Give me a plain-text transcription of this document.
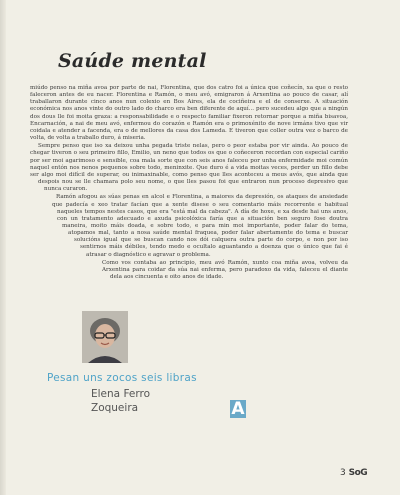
Saúde mental
A

miúdo penso na miña avoa por parte de nai, Florentina, que dos catro foi a única que coñecín, xa que o resto faleceron antes de eu nacer. Florentina e Ramón, o meu avó, emigraron á Arxentina ao pouco de casar, alí traballaron durante cinco anos nun colexio en Bos Aires, ela de cociñeira e el de conserxe. A situación económica nos anos vinte do outro lado do charco era ben diferente de aquí... pero sucedeu algo que a ningún dos dous lle foi moita graza: a responsabilidade e o respecto familiar fixeron retornar porque a miña bisavoa, Encarnación, a nai de meu avó, enfermou do corazón e Ramón era o primoxénito de nove irmáns tivo que vir coidala e atender a facenda, era o de mellores da casa dos Lameda. E tiveron que coller outra vez o barco de volta, de volta a traballo duro, á miseria.

Sempre penso que iso xa deixou unha pegada triste nelas, pero o peor estaba por vir ainda. Ao pouco de chegar tiveron o seu primeiro fillo, Emilio, un neno que todos os que o coñeceron recordan con especial cariño por ser moi agarimoso e sensible, coa mala sorte que con seis anos faleceu por unha enfermidade moi común naquel entón nos nenos pequenos sobre todo, meninxite. Que duro é a vida moitas veces, perder un fillo debe ser algo moi difícil de superar, ou inimaxinable, como penso que lles aconteceu a meus avós, que ainda que despois nou se lle chamara polo seu nome, o que lles pasou foi que entraron nun proceso depresivo que nunca curaron.

Ramón afogou as súas penas en alcol e Florentina, a maiores da depresión, os ataques de ansiedade que padecía e xeo tratar facían que a xente disese o seu comentario máis recorrente e habitual naqueles tempos nestes casos, que era "está mal da cabeza". A día de hoxe, e xa desde hai uns anos, con un tratamento adecuado e axuda psicolóxica faría que a situación ben seguro fose doutra maneira, moito máis doada, e sobre todo, e para min moi importante, poder falar do tema, atopamos mal, tanto a nosa saúde mental fraquea, poder falar abertamente do tema e buscar solucións igual que se buscan cando nos dói calquera outra parte do corpo, e non por iso sentirnos máis débiles, tendo medo e ocultalo aguantando a doenza que o único que fai é atrasar o diagnóstico e agravar o problema.

Como vos contaba ao principio, meu avó Ramón, xunto coa miña avoa, volveu da Arxentina para coidar da súa nai enferma, pero paradoxo da vida, faleceu el diante dela aos cincuenta e oito anos de idade.

Pesan uns zocos seis libras
Elena Ferro
Zoqueira
3 SoG
